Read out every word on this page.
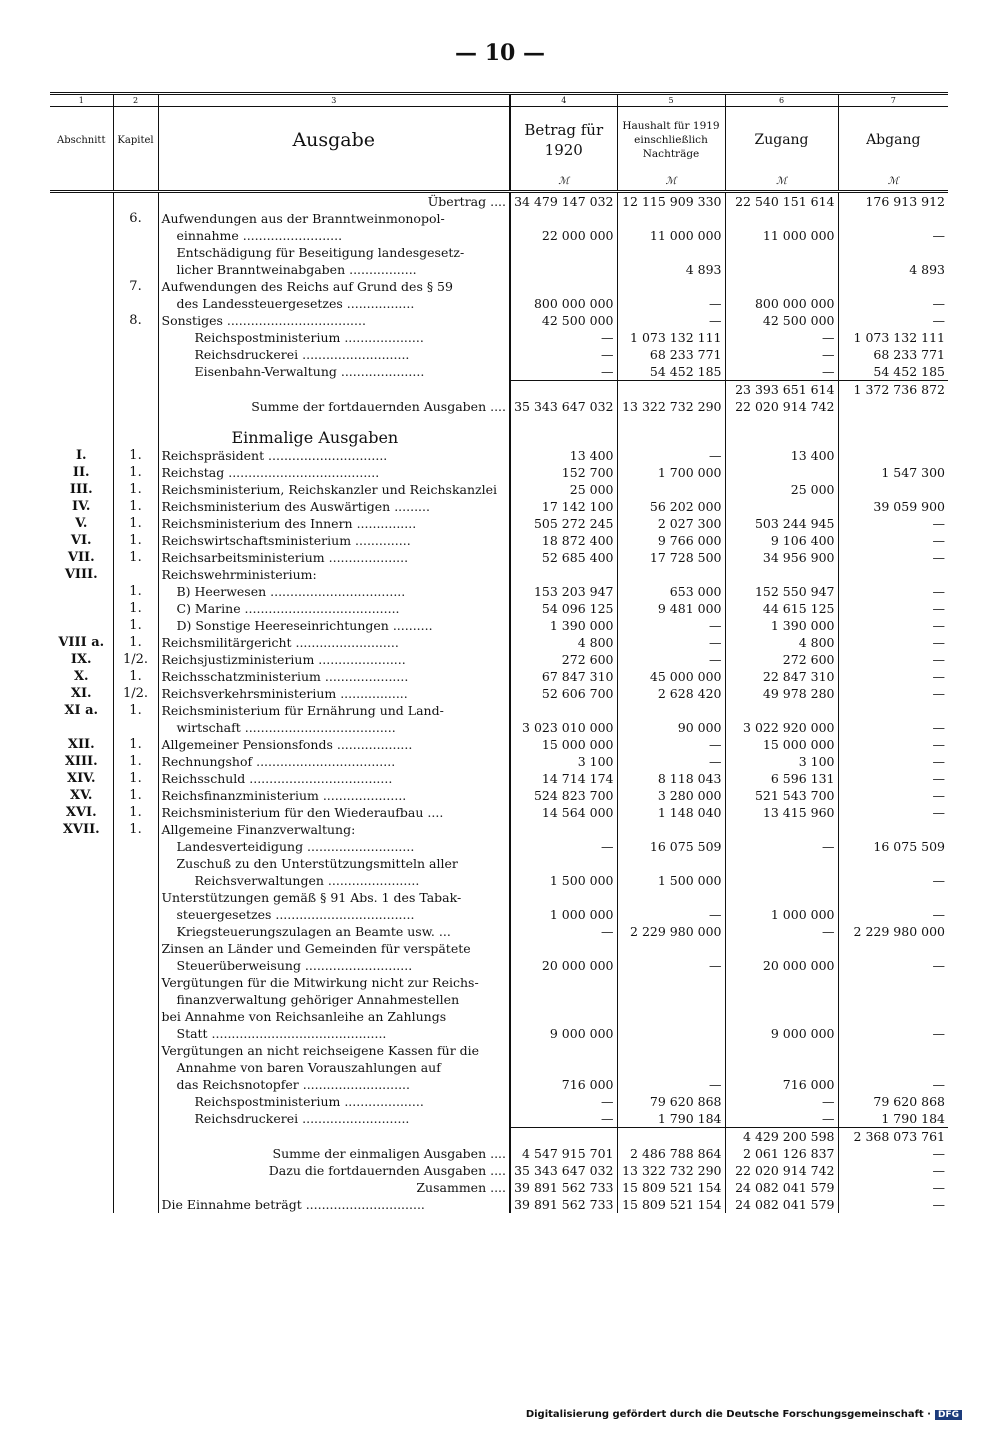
— 10 —
1	2	3	4	5	6	7
Abschnitt	Kapitel	Ausgabe	Betrag für 1920	Haushalt für 1919 einschließlich Nachträge	Zugang	Abgang
			ℳ	ℳ	ℳ	ℳ
		Übertrag ....	34 479 147 032	12 115 909 330	22 540 151 614	176 913 912
	6.	Aufwendungen aus der Branntweinmonopol-				
		einnahme .........................	22 000 000	11 000 000	11 000 000	—
		Entschädigung für Beseitigung landesgesetz-				
		licher Branntweinabgaben .................		4 893		4 893
	7.	Aufwendungen des Reichs auf Grund des § 59				
		des Landessteuergesetzes .................	800 000 000	—	800 000 000	—
	8.	Sonstiges ...................................	42 500 000	—	42 500 000	—
		Reichspostministerium ....................	—	1 073 132 111	—	1 073 132 111
		Reichsdruckerei ...........................	—	68 233 771	—	68 233 771
		Eisenbahn-Verwaltung .....................	—	54 452 185	—	54 452 185
					23 393 651 614	1 372 736 872
		Summe der fortdauernden Ausgaben ....	35 343 647 032	13 322 732 290	22 020 914 742	
		Einmalige Ausgaben				
I.	1.	Reichspräsident ..............................	13 400	—	13 400	
II.	1.	Reichstag ......................................	152 700	1 700 000		1 547 300
III.	1.	Reichsministerium, Reichskanzler und Reichskanzlei	25 000		25 000	
IV.	1.	Reichsministerium des Auswärtigen .........	17 142 100	56 202 000		39 059 900
V.	1.	Reichsministerium des Innern ...............	505 272 245	2 027 300	503 244 945	—
VI.	1.	Reichswirtschaftsministerium ..............	18 872 400	9 766 000	9 106 400	—
VII.	1.	Reichsarbeitsministerium ....................	52 685 400	17 728 500	34 956 900	—
VIII.		Reichswehrministerium:				
	1.	B) Heerwesen ..................................	153 203 947	653 000	152 550 947	—
	1.	C) Marine .......................................	54 096 125	9 481 000	44 615 125	—
	1.	D) Sonstige Heereseinrichtungen ..........	1 390 000	—	1 390 000	—
VIII a.	1.	Reichsmilitärgericht ..........................	4 800	—	4 800	—
IX.	1/2.	Reichsjustizministerium ......................	272 600	—	272 600	—
X.	1.	Reichsschatzministerium .....................	67 847 310	45 000 000	22 847 310	—
XI.	1/2.	Reichsverkehrsministerium .................	52 606 700	2 628 420	49 978 280	—
XI a.	1.	Reichsministerium für Ernährung und Land-				
		wirtschaft ......................................	3 023 010 000	90 000	3 022 920 000	—
XII.	1.	Allgemeiner Pensionsfonds ...................	15 000 000	—	15 000 000	—
XIII.	1.	Rechnungshof ...................................	3 100	—	3 100	—
XIV.	1.	Reichsschuld ....................................	14 714 174	8 118 043	6 596 131	—
XV.	1.	Reichsfinanzministerium .....................	524 823 700	3 280 000	521 543 700	—
XVI.	1.	Reichsministerium für den Wiederaufbau ....	14 564 000	1 148 040	13 415 960	—
XVII.	1.	Allgemeine Finanzverwaltung:				
		Landesverteidigung ...........................	—	16 075 509	—	16 075 509
		Zuschuß zu den Unterstützungsmitteln aller				
		Reichsverwaltungen .......................	1 500 000	1 500 000		—
		Unterstützungen gemäß § 91 Abs. 1 des Tabak-				
		steuergesetzes ...................................	1 000 000	—	1 000 000	—
		Kriegsteuerungszulagen an Beamte usw. ...	—	2 229 980 000	—	2 229 980 000
		Zinsen an Länder und Gemeinden für verspätete				
		Steuerüberweisung ...........................	20 000 000	—	20 000 000	—
		Vergütungen für die Mitwirkung nicht zur Reichs-				
		finanzverwaltung gehöriger Annahmestellen				
		bei Annahme von Reichsanleihe an Zahlungs				
		Statt ............................................	9 000 000		9 000 000	—
		Vergütungen an nicht reichseigene Kassen für die				
		Annahme von baren Vorauszahlungen auf				
		das Reichsnotopfer ...........................	716 000	—	716 000	—
		Reichspostministerium ....................	—	79 620 868	—	79 620 868
		Reichsdruckerei ...........................	—	1 790 184	—	1 790 184
					4 429 200 598	2 368 073 761
		Summe der einmaligen Ausgaben ....	4 547 915 701	2 486 788 864	2 061 126 837	—
		Dazu die fortdauernden Ausgaben ....	35 343 647 032	13 322 732 290	22 020 914 742	—
		Zusammen ....	39 891 562 733	15 809 521 154	24 082 041 579	—
		Die Einnahme beträgt ..............................	39 891 562 733	15 809 521 154	24 082 041 579	—
Digitalisierung gefördert durch die Deutsche Forschungsgemeinschaft · DFG
